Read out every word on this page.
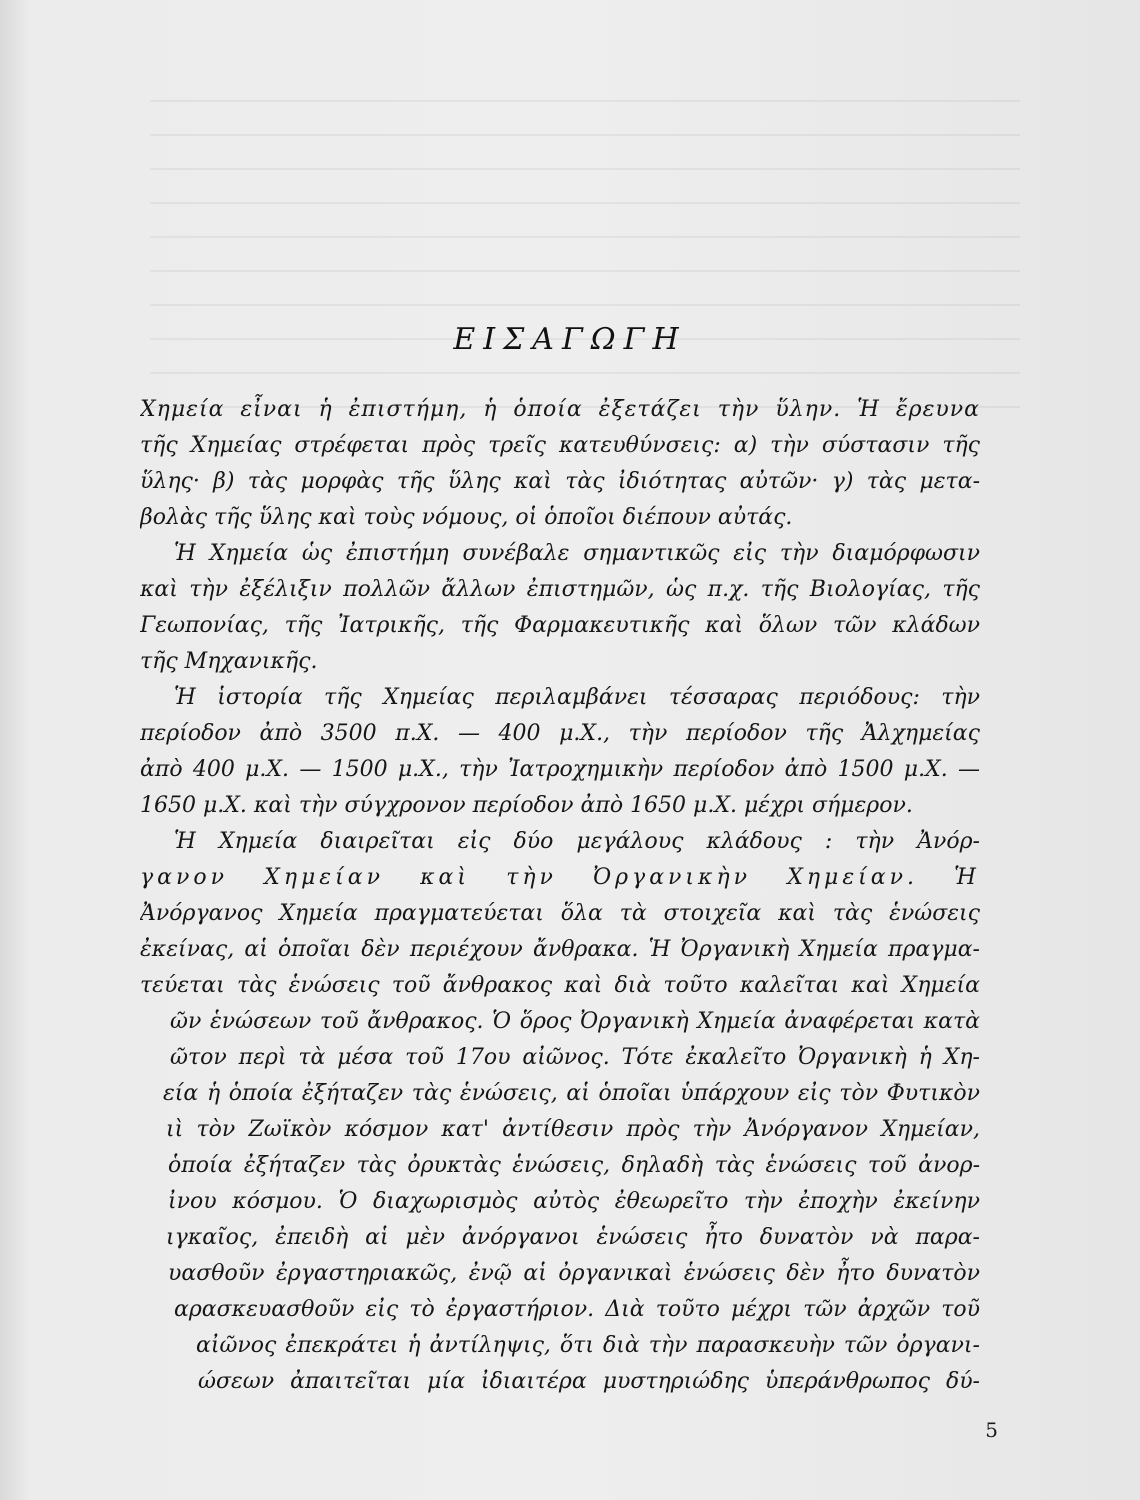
ΕΙΣΑΓΩΓΗ
Χημεία εἶναι ἡ ἐπιστήμη, ἡ ὁποία ἐξετάζει τὴν ὕλην. Ἡ ἔρευνα
τῆς Χημείας στρέφεται πρὸς τρεῖς κατευθύνσεις: α) τὴν σύστασιν τῆς
ὕλης· β) τὰς μορφὰς τῆς ὕλης καὶ τὰς ἰδιότητας αὐτῶν· γ) τὰς μετα-
βολὰς τῆς ὕλης καὶ τοὺς νόμους, οἱ ὁποῖοι διέπουν αὐτάς.
Ἡ Χημεία ὡς ἐπιστήμη συνέβαλε σημαντικῶς εἰς τὴν διαμόρφωσιν
καὶ τὴν ἐξέλιξιν πολλῶν ἄλλων ἐπιστημῶν, ὡς π.χ. τῆς Βιολογίας, τῆς
Γεωπονίας, τῆς Ἰατρικῆς, τῆς Φαρμακευτικῆς καὶ ὅλων τῶν κλάδων
τῆς Μηχανικῆς.
Ἡ ἱστορία τῆς Χημείας περιλαμβάνει τέσσαρας περιόδους: τὴν
περίοδον ἀπὸ 3500 π.Χ. — 400 μ.Χ., τὴν περίοδον τῆς Ἀλχημείας
ἀπὸ 400 μ.Χ. — 1500 μ.Χ., τὴν Ἰατροχημικὴν περίοδον ἀπὸ 1500 μ.Χ. —
1650 μ.Χ. καὶ τὴν σύγχρονον περίοδον ἀπὸ 1650 μ.Χ. μέχρι σήμερον.
Ἡ Χημεία διαιρεῖται εἰς δύο μεγάλους κλάδους : τὴν Ἀνόρ-
γανον Χημείαν καὶ τὴν Ὀργανικὴν Χημείαν. Ἡ
Ἀνόργανος Χημεία πραγματεύεται ὅλα τὰ στοιχεῖα καὶ τὰς ἑνώσεις
ἐκείνας, αἱ ὁποῖαι δὲν περιέχουν ἄνθρακα. Ἡ Ὀργανικὴ Χημεία πραγμα-
τεύεται τὰς ἑνώσεις τοῦ ἄνθρακος καὶ διὰ τοῦτο καλεῖται καὶ Χημεία
ῶν ἑνώσεων τοῦ ἄνθρακος. Ὁ ὅρος Ὀργανικὴ Χημεία ἀναφέρεται κατὰ
ῶτον περὶ τὰ μέσα τοῦ 17ου αἰῶνος. Τότε ἐκαλεῖτο Ὀργανικὴ ἡ Χη-
εία ἡ ὁποία ἐξήταζεν τὰς ἑνώσεις, αἱ ὁποῖαι ὑπάρχουν εἰς τὸν Φυτικὸν
ιὶ τὸν Ζωϊκὸν κόσμον κατ' ἀντίθεσιν πρὸς τὴν Ἀνόργανον Χημείαν,
ὁποία ἐξήταζεν τὰς ὀρυκτὰς ἑνώσεις, δηλαδὴ τὰς ἑνώσεις τοῦ ἀνορ-
ἰνου κόσμου. Ὁ διαχωρισμὸς αὐτὸς ἐθεωρεῖτο τὴν ἐποχὴν ἐκείνην
ιγκαῖος, ἐπειδὴ αἱ μὲν ἀνόργανοι ἑνώσεις ἦτο δυνατὸν νὰ παρα-
υασθοῦν ἐργαστηριακῶς, ἐνῷ αἱ ὀργανικαὶ ἑνώσεις δὲν ἦτο δυνατὸν
αρασκευασθοῦν εἰς τὸ ἐργαστήριον. Διὰ τοῦτο μέχρι τῶν ἀρχῶν τοῦ
αἰῶνος ἐπεκράτει ἡ ἀντίληψις, ὅτι διὰ τὴν παρασκευὴν τῶν ὀργανι-
ώσεων ἀπαιτεῖται μία ἰδιαιτέρα μυστηριώδης ὑπεράνθρωπος δύ-
5
